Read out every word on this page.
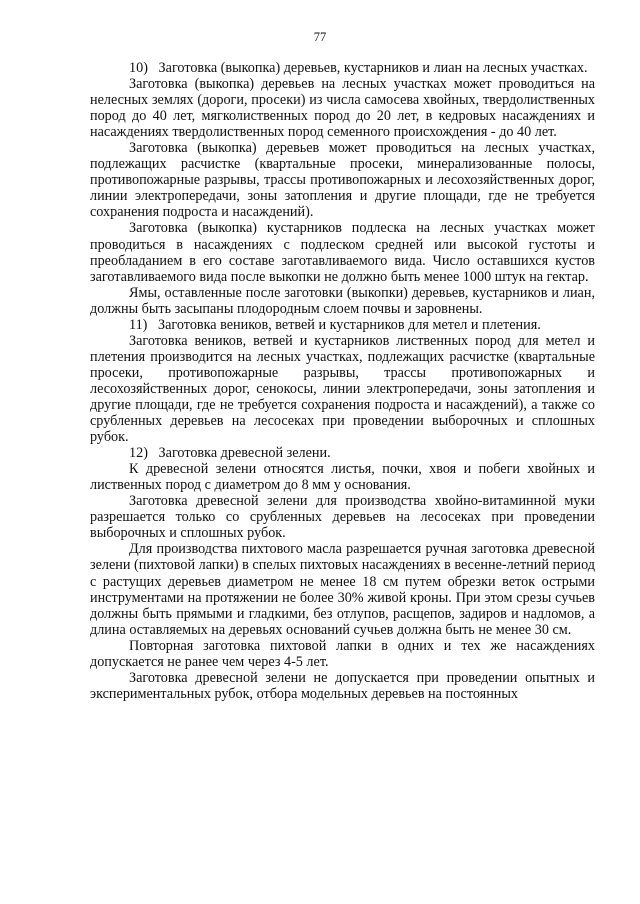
77

10)   Заготовка (выкопка) деревьев, кустарников и лиан на лесных участках.

Заготовка (выкопка) деревьев на лесных участках может проводиться на нелесных землях (дороги, просеки) из числа самосева хвойных, твердолиственных пород до 40 лет, мягколиственных пород до 20 лет, в кедровых насаждениях и насаждениях твердолиственных пород семенного происхождения - до 40 лет.

Заготовка (выкопка) деревьев может проводиться на лесных участках, подлежащих расчистке (квартальные просеки, минерализованные полосы, противопожарные разрывы, трассы противопожарных и лесохозяйственных дорог, линии электропередачи, зоны затопления и другие площади, где не требуется сохранения подроста и насаждений).

Заготовка (выкопка) кустарников подлеска на лесных участках может проводиться в насаждениях с подлеском средней или высокой густоты и преобладанием в его составе заготавливаемого вида. Число оставшихся кустов заготавливаемого вида после выкопки не должно быть менее 1000 штук на гектар.

Ямы, оставленные после заготовки (выкопки) деревьев, кустарников и лиан, должны быть засыпаны плодородным слоем почвы и заровнены.

11)   Заготовка веников, ветвей и кустарников для метел и плетения.

Заготовка веников, ветвей и кустарников лиственных пород для метел и плетения производится на лесных участках, подлежащих расчистке (квартальные просеки, противопожарные разрывы, трассы противопожарных и лесохозяйственных дорог, сенокосы, линии электропередачи, зоны затопления и другие площади, где не требуется сохранения подроста и насаждений), а также со срубленных деревьев на лесосеках при проведении выборочных и сплошных рубок.

12)   Заготовка древесной зелени.

К древесной зелени относятся листья, почки, хвоя и побеги хвойных и лиственных пород с диаметром до 8 мм у основания.

Заготовка древесной зелени для производства хвойно-витаминной муки разрешается только со срубленных деревьев на лесосеках при проведении выборочных и сплошных рубок.

Для производства пихтового масла разрешается ручная заготовка древесной зелени (пихтовой лапки) в спелых пихтовых насаждениях в весенне-летний период с растущих деревьев диаметром не менее 18 см путем обрезки веток острыми инструментами на протяжении не более 30% живой кроны. При этом срезы сучьев должны быть прямыми и гладкими, без отлупов, расщепов, задиров и надломов, а длина оставляемых на деревьях оснований сучьев должна быть не менее 30 см.

Повторная заготовка пихтовой лапки в одних и тех же насаждениях допускается не ранее чем через 4-5 лет.

Заготовка древесной зелени не допускается при проведении опытных и экспериментальных рубок, отбора модельных деревьев на постоянных
